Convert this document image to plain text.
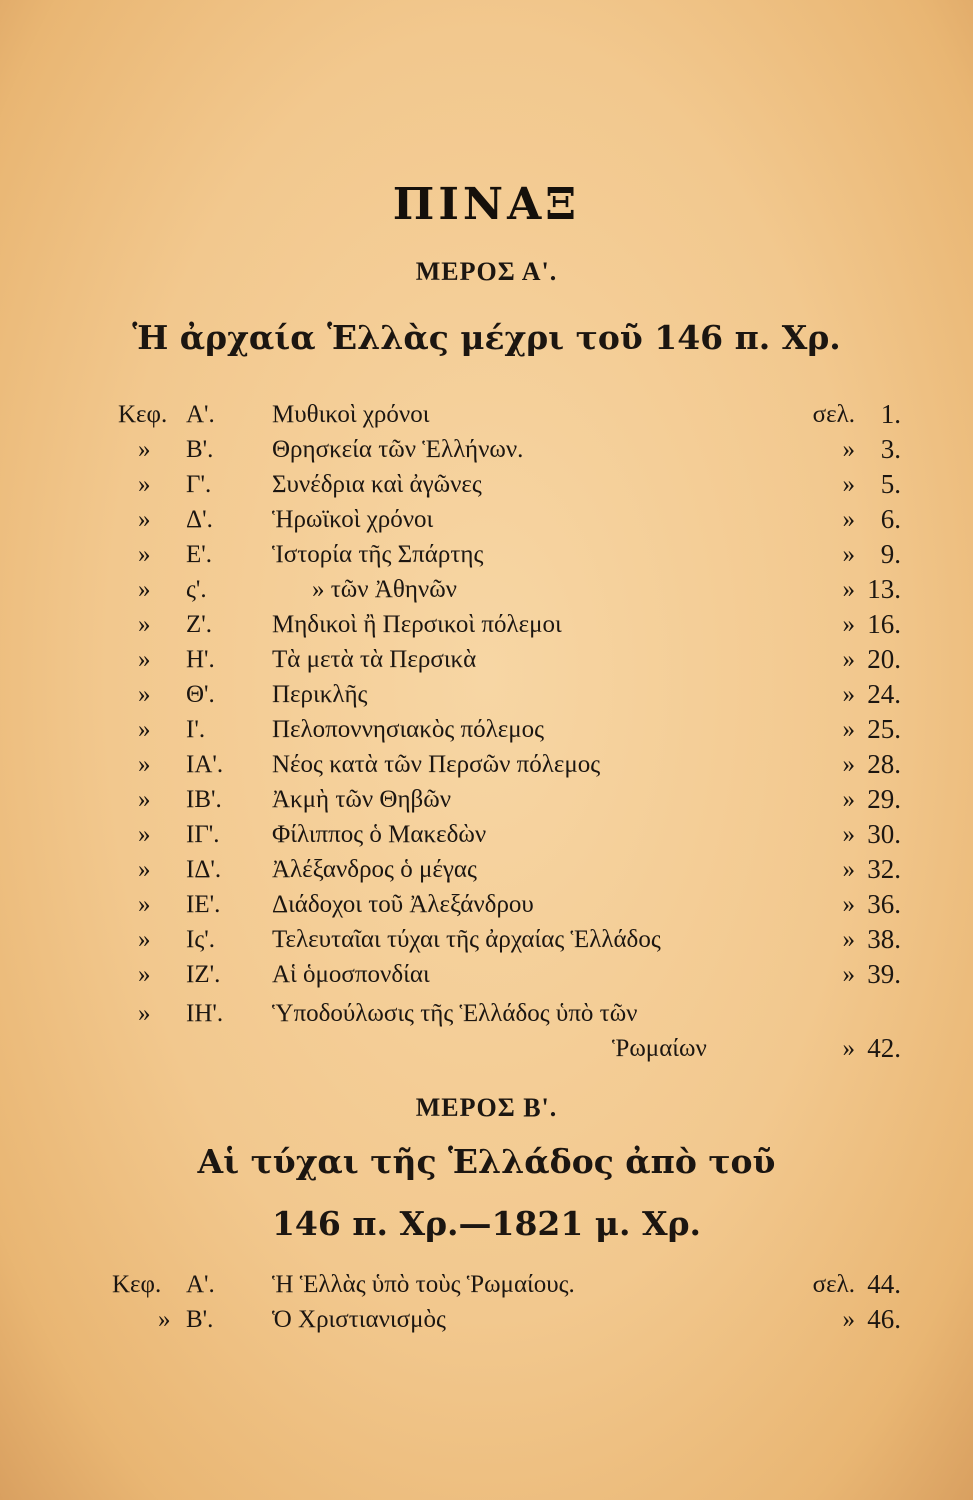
ΠΙΝΑΞ
ΜΕΡΟΣ Α'.
Ἡ ἀρχαία Ἑλλὰς μέχρι τοῦ 146 π. Χρ.
Κεφ. Α'. Μυθικοὶ χρόνοι	σελ. 1.
» Β'. Θρησκεία τῶν Ἑλλήνων.	» 3.
» Γ'. Συνέδρια καὶ ἀγῶνες	» 5.
» Δ'. Ἡρωϊκοὶ χρόνοι	» 6.
» Ε'. Ἱστορία τῆς Σπάρτης	» 9.
» ς'.	» τῶν Ἀθηνῶν	» 13.
» Ζ'. Μηδικοὶ ἢ Περσικοὶ πόλεμοι	» 16.
» Η'. Τὰ μετὰ τὰ Περσικὰ	» 20.
» Θ'. Περικλῆς	» 24.
» Ι'.	Πελοποννησιακὸς πόλεμος	» 25.
» ΙΑ'. Νέος κατὰ τῶν Περσῶν πόλεμος	» 28.
» ΙΒ'. Ἀκμὴ τῶν Θηβῶν	» 29.
» ΙΓ'. Φίλιππος ὁ Μακεδὼν	» 30.
» ΙΔ'. Ἀλέξανδρος ὁ μέγας	» 32.
» ΙΕ'. Διάδοχοι τοῦ Ἀλεξάνδρου	» 36.
» Ις'. Τελευταῖαι τύχαι τῆς ἀρχαίας Ἑλλάδος	» 38.
» ΙΖ'. Αἱ ὁμοσπονδίαι	» 39.
» ΙΗ'. Ὑποδούλωσις τῆς Ἑλλάδος ὑπὸ τῶν
Ῥωμαίων	» 42.
ΜΕΡΟΣ Β'.
Αἱ τύχαι τῆς Ἑλλάδος ἀπὸ τοῦ
146 π. Χρ.—1821 μ. Χρ.
Κεφ. Α'. Ἡ Ἑλλὰς ὑπὸ τοὺς Ῥωμαίους.	σελ. 44.
» Β'. Ὁ Χριστιανισμὸς	» 46.
